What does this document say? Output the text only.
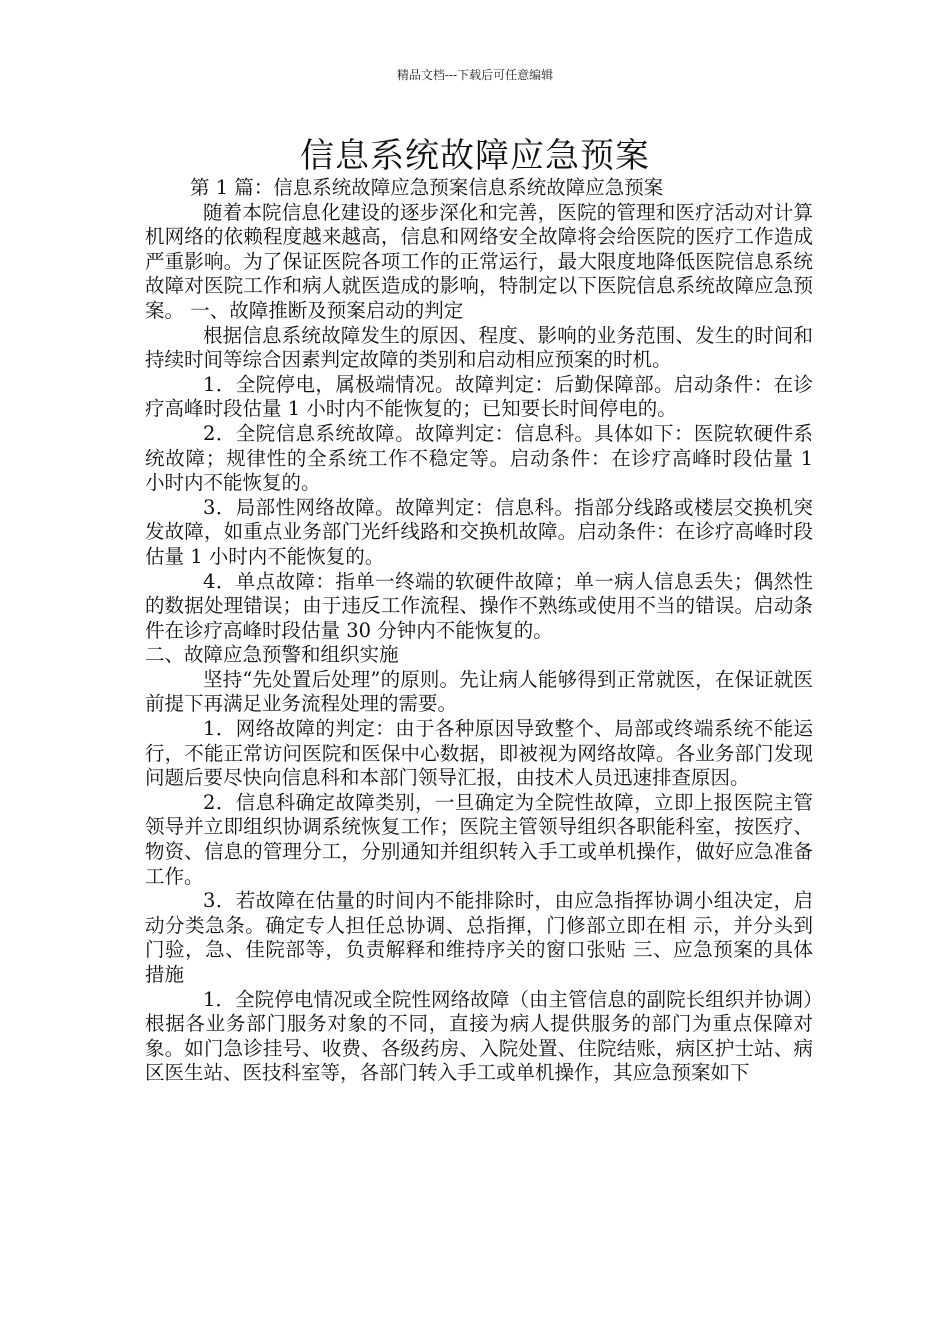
精品文档---下载后可任意编辑
信息系统故障应急预案

第 1 篇：信息系统故障应急预案信息系统故障应急预案

随着本院信息化建设的逐步深化和完善，医院的管理和医疗活动对计算机网络的依赖程度越来越高，信息和网络安全故障将会给医院的医疗工作造成严重影响。为了保证医院各项工作的正常运行，最大限度地降低医院信息系统故障对医院工作和病人就医造成的影响，特制定以下医院信息系统故障应急预案。 一、故障推断及预案启动的判定

根据信息系统故障发生的原因、程度、影响的业务范围、发生的时间和持续时间等综合因素判定故障的类别和启动相应预案的时机。

1．全院停电，属极端情况。故障判定：后勤保障部。启动条件：在诊疗高峰时段估量 1 小时内不能恢复的；已知要长时间停电的。

2．全院信息系统故障。故障判定：信息科。具体如下：医院软硬件系统故障；规律性的全系统工作不稳定等。启动条件：在诊疗高峰时段估量 1 小时内不能恢复的。

3．局部性网络故障。故障判定：信息科。指部分线路或楼层交换机突发故障，如重点业务部门光纤线路和交换机故障。启动条件：在诊疗高峰时段估量 1 小时内不能恢复的。

4．单点故障：指单一终端的软硬件故障；单一病人信息丢失；偶然性的数据处理错误；由于违反工作流程、操作不熟练或使用不当的错误。启动条件在诊疗高峰时段估量 30 分钟内不能恢复的。

二、故障应急预警和组织实施

坚持“先处置后处理”的原则。先让病人能够得到正常就医，在保证就医前提下再满足业务流程处理的需要。

1．网络故障的判定：由于各种原因导致整个、局部或终端系统不能运行，不能正常访问医院和医保中心数据，即被视为网络故障。各业务部门发现问题后要尽快向信息科和本部门领导汇报，由技术人员迅速排查原因。

2．信息科确定故障类别，一旦确定为全院性故障，立即上报医院主管领导并立即组织协调系统恢复工作；医院主管领导组织各职能科室，按医疗、物资、信息的管理分工，分别通知并组织转入手工或单机操作，做好应急准备工作。

3．若故障在估量的时间内不能排除时，由应急指挥协调小组决定，启动分类急条。确定专人担任总协调、总指揮，门修部立即在相 示，并分头到门验，急、佳院部等，负责解释和维持序关的窗口张贴 三、应急预案的具体措施

1．全院停电情况或全院性网络故障（由主管信息的副院长组织并协调）根据各业务部门服务对象的不同，直接为病人提供服务的部门为重点保障对象。如门急诊挂号、收费、各级药房、入院处置、住院结账，病区护士站、病区医生站、医技科室等，各部门转入手工或单机操作，其应急预案如下
